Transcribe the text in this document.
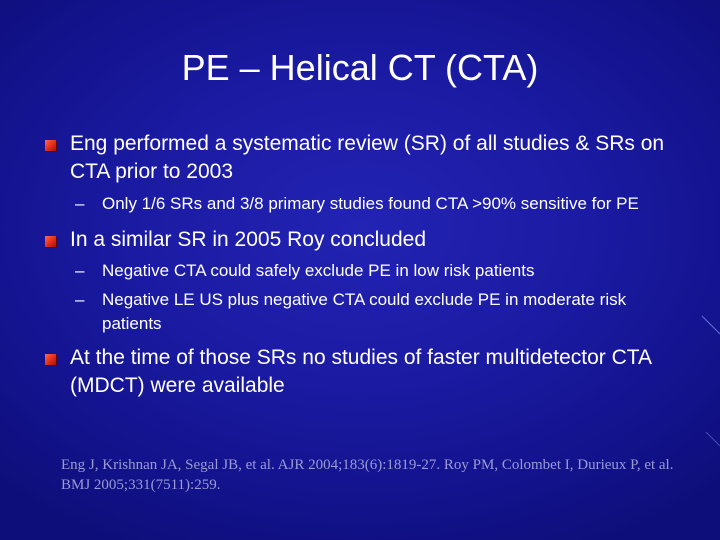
PE – Helical CT (CTA)
Eng performed a systematic review (SR) of all studies & SRs on CTA prior to 2003
– Only 1/6 SRs and 3/8 primary studies found CTA >90% sensitive for PE
In a similar SR in 2005 Roy concluded
– Negative CTA could safely exclude PE in low risk patients
– Negative LE US plus negative CTA could exclude PE in moderate risk patients
At the time of those SRs no studies of faster multidetector CTA (MDCT) were available
Eng J, Krishnan JA, Segal JB, et al. AJR 2004;183(6):1819-27. Roy PM, Colombet I, Durieux P, et al. BMJ 2005;331(7511):259.
